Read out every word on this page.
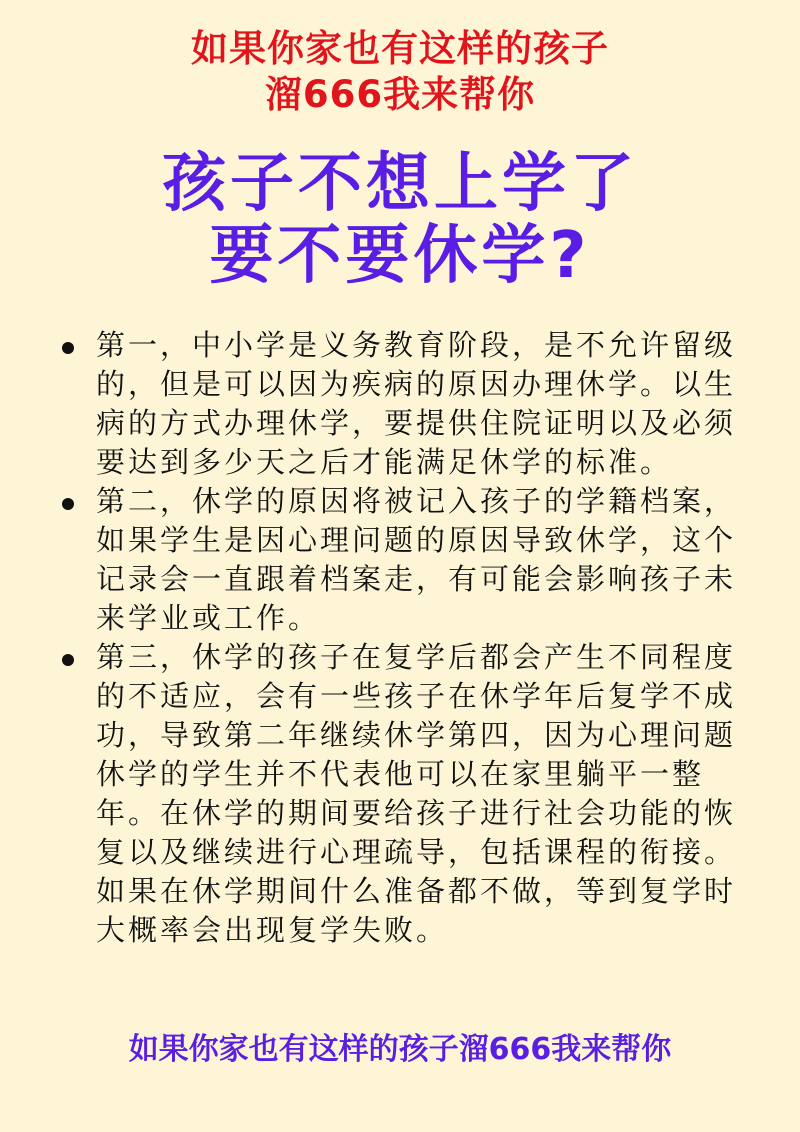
如果你家也有这样的孩子
溜666我来帮你
孩子不想上学了
要不要休学?
第一，中小学是义务教育阶段，是不允许留级的，但是可以因为疾病的原因办理休学。以生病的方式办理休学，要提供住院证明以及必须要达到多少天之后才能满足休学的标准。
第二，休学的原因将被记入孩子的学籍档案，如果学生是因心理问题的原因导致休学，这个记录会一直跟着档案走，有可能会影响孩子未来学业或工作。
第三，休学的孩子在复学后都会产生不同程度的不适应，会有一些孩子在休学年后复学不成功，导致第二年继续休学第四，因为心理问题休学的学生并不代表他可以在家里躺平一整年。在休学的期间要给孩子进行社会功能的恢复以及继续进行心理疏导，包括课程的衔接。如果在休学期间什么准备都不做，等到复学时大概率会出现复学失败。
如果你家也有这样的孩子溜666我来帮你
